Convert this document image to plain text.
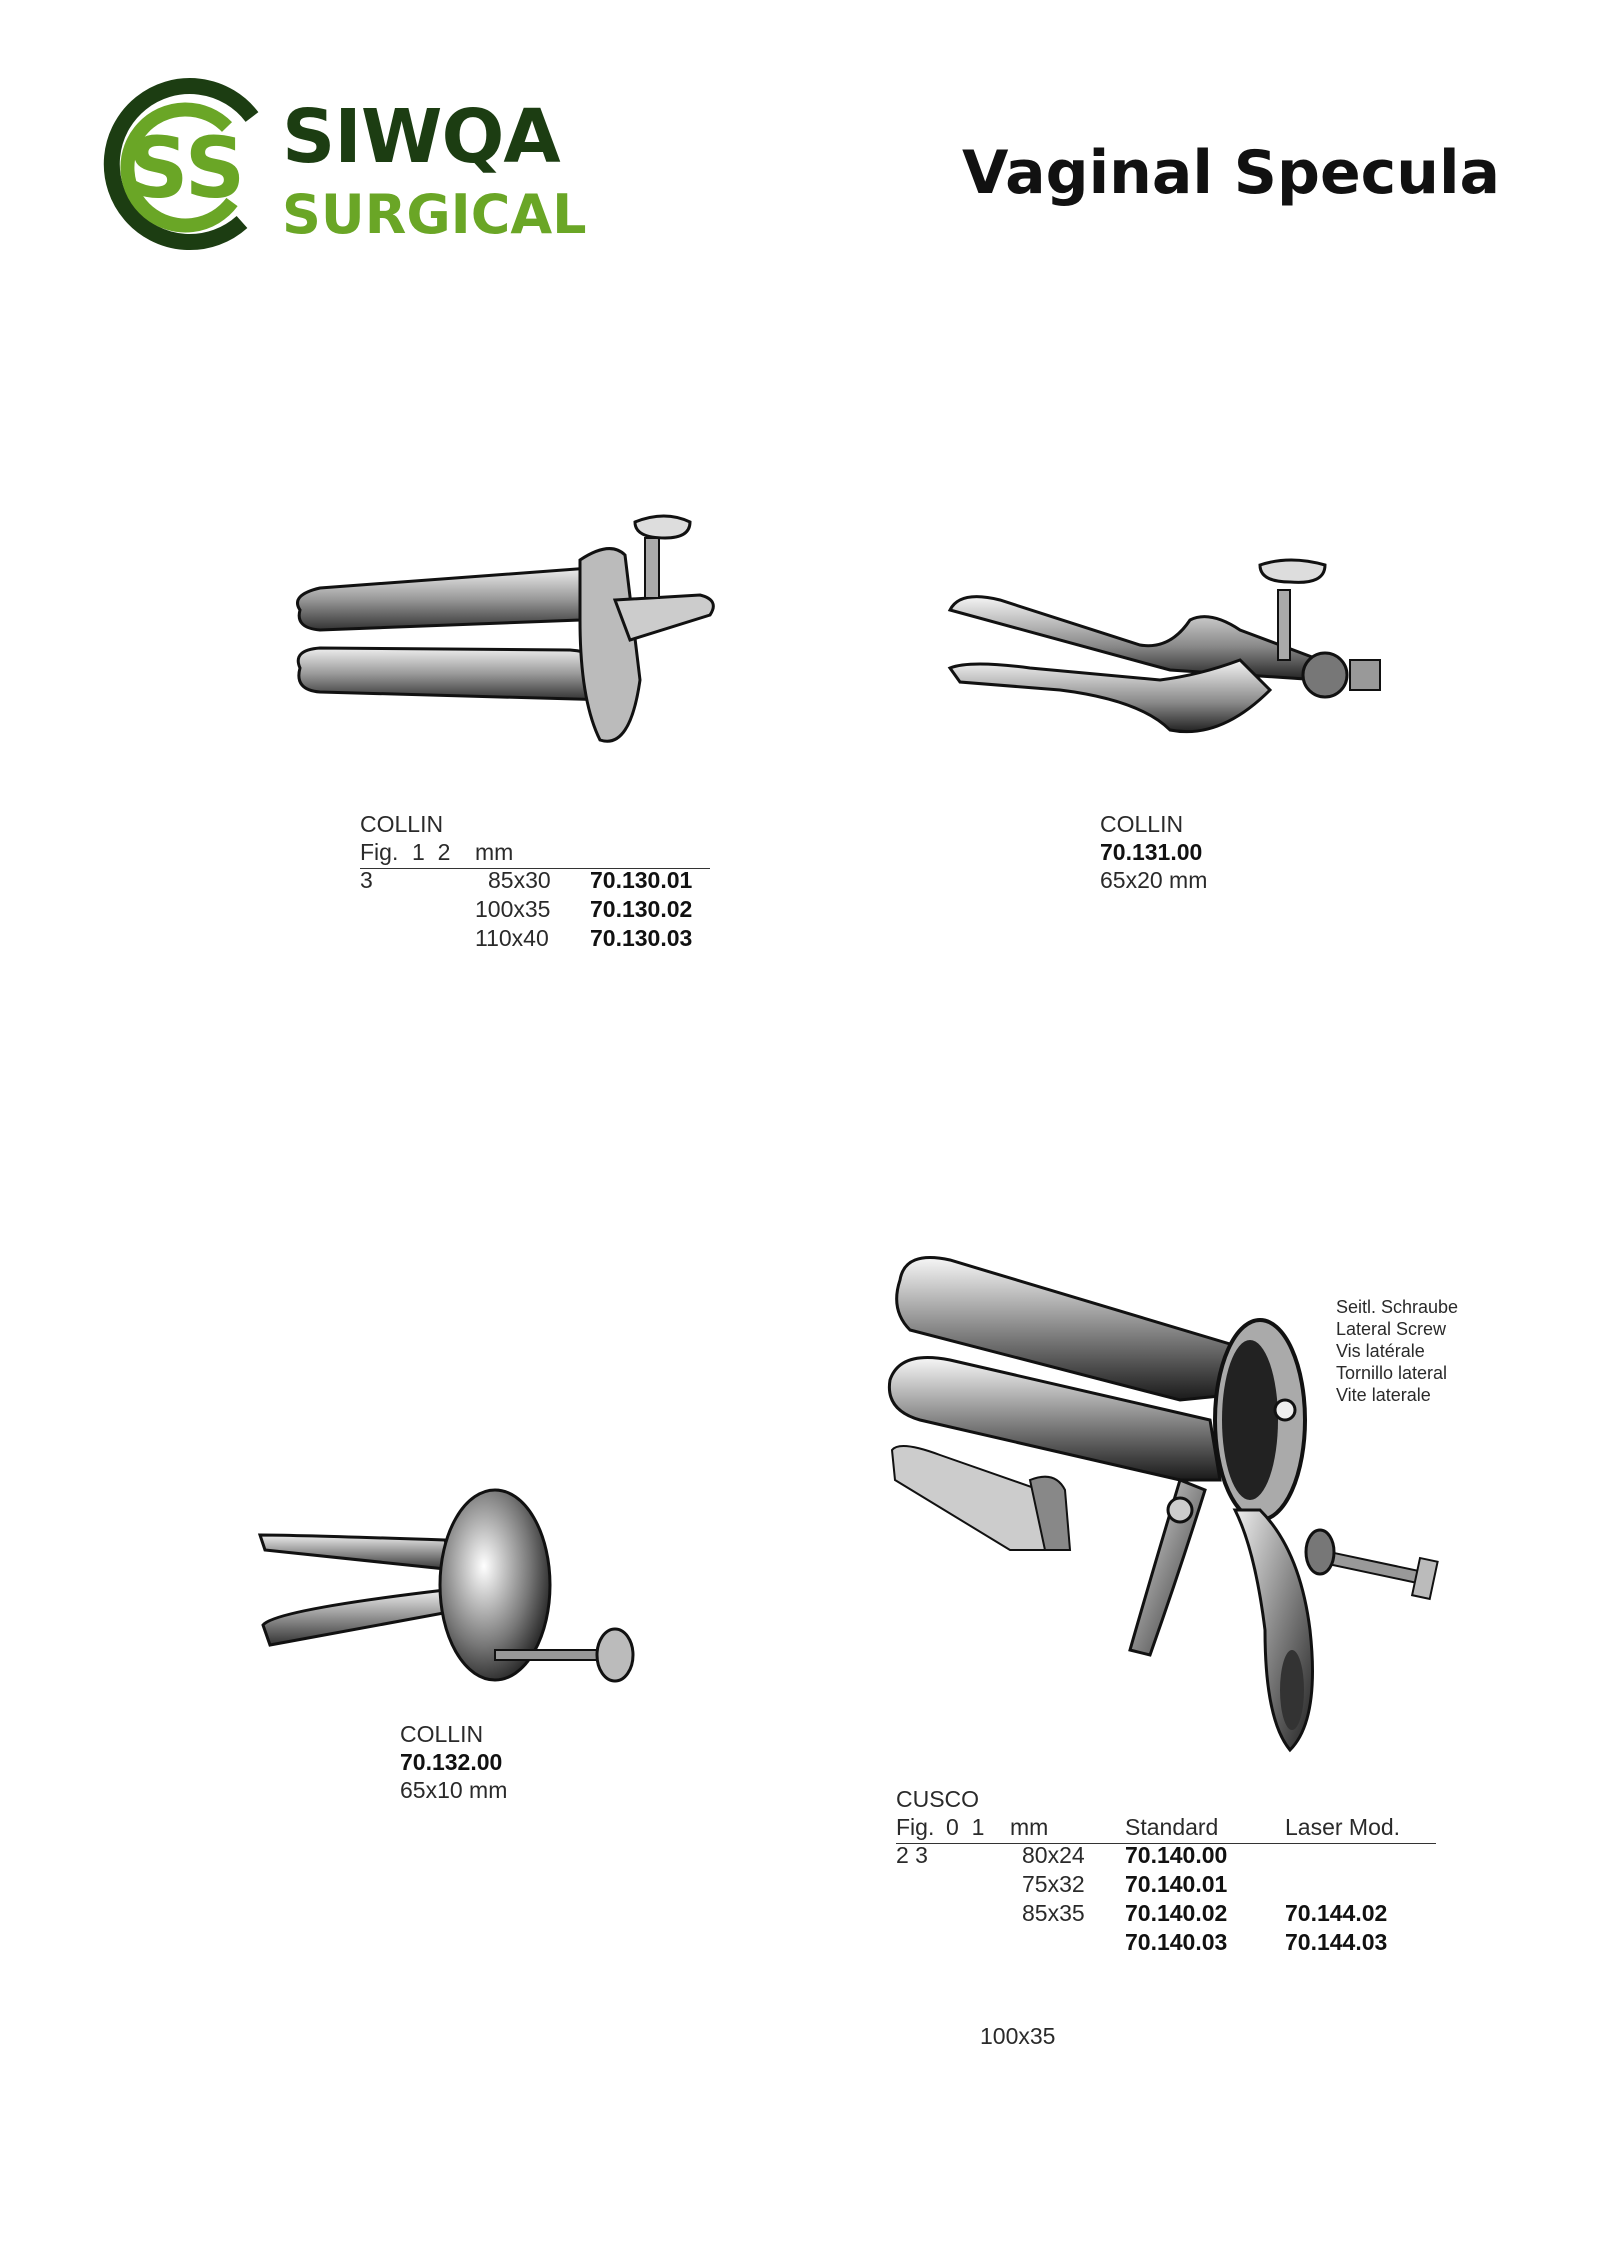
SS SIWQA
SURGICAL
Vaginal Specula
COLLIN
Fig. 1  2 mm
3	85x30 70.130.01
100x35 70.130.02
110x40 70.130.03
COLLIN
70.131.00
65x20 mm
COLLIN
70.132.00
65x10 mm
Seitl. Schraube
Lateral Screw
Vis latérale
Tornillo lateral
Vite laterale
CUSCO
Fig. 0  1 mm	Standard	Laser Mod.
2 3	80x24 70.140.00
75x32 70.140.01
85x35 70.140.02	70.144.02
70.140.03	70.144.03
100x35
